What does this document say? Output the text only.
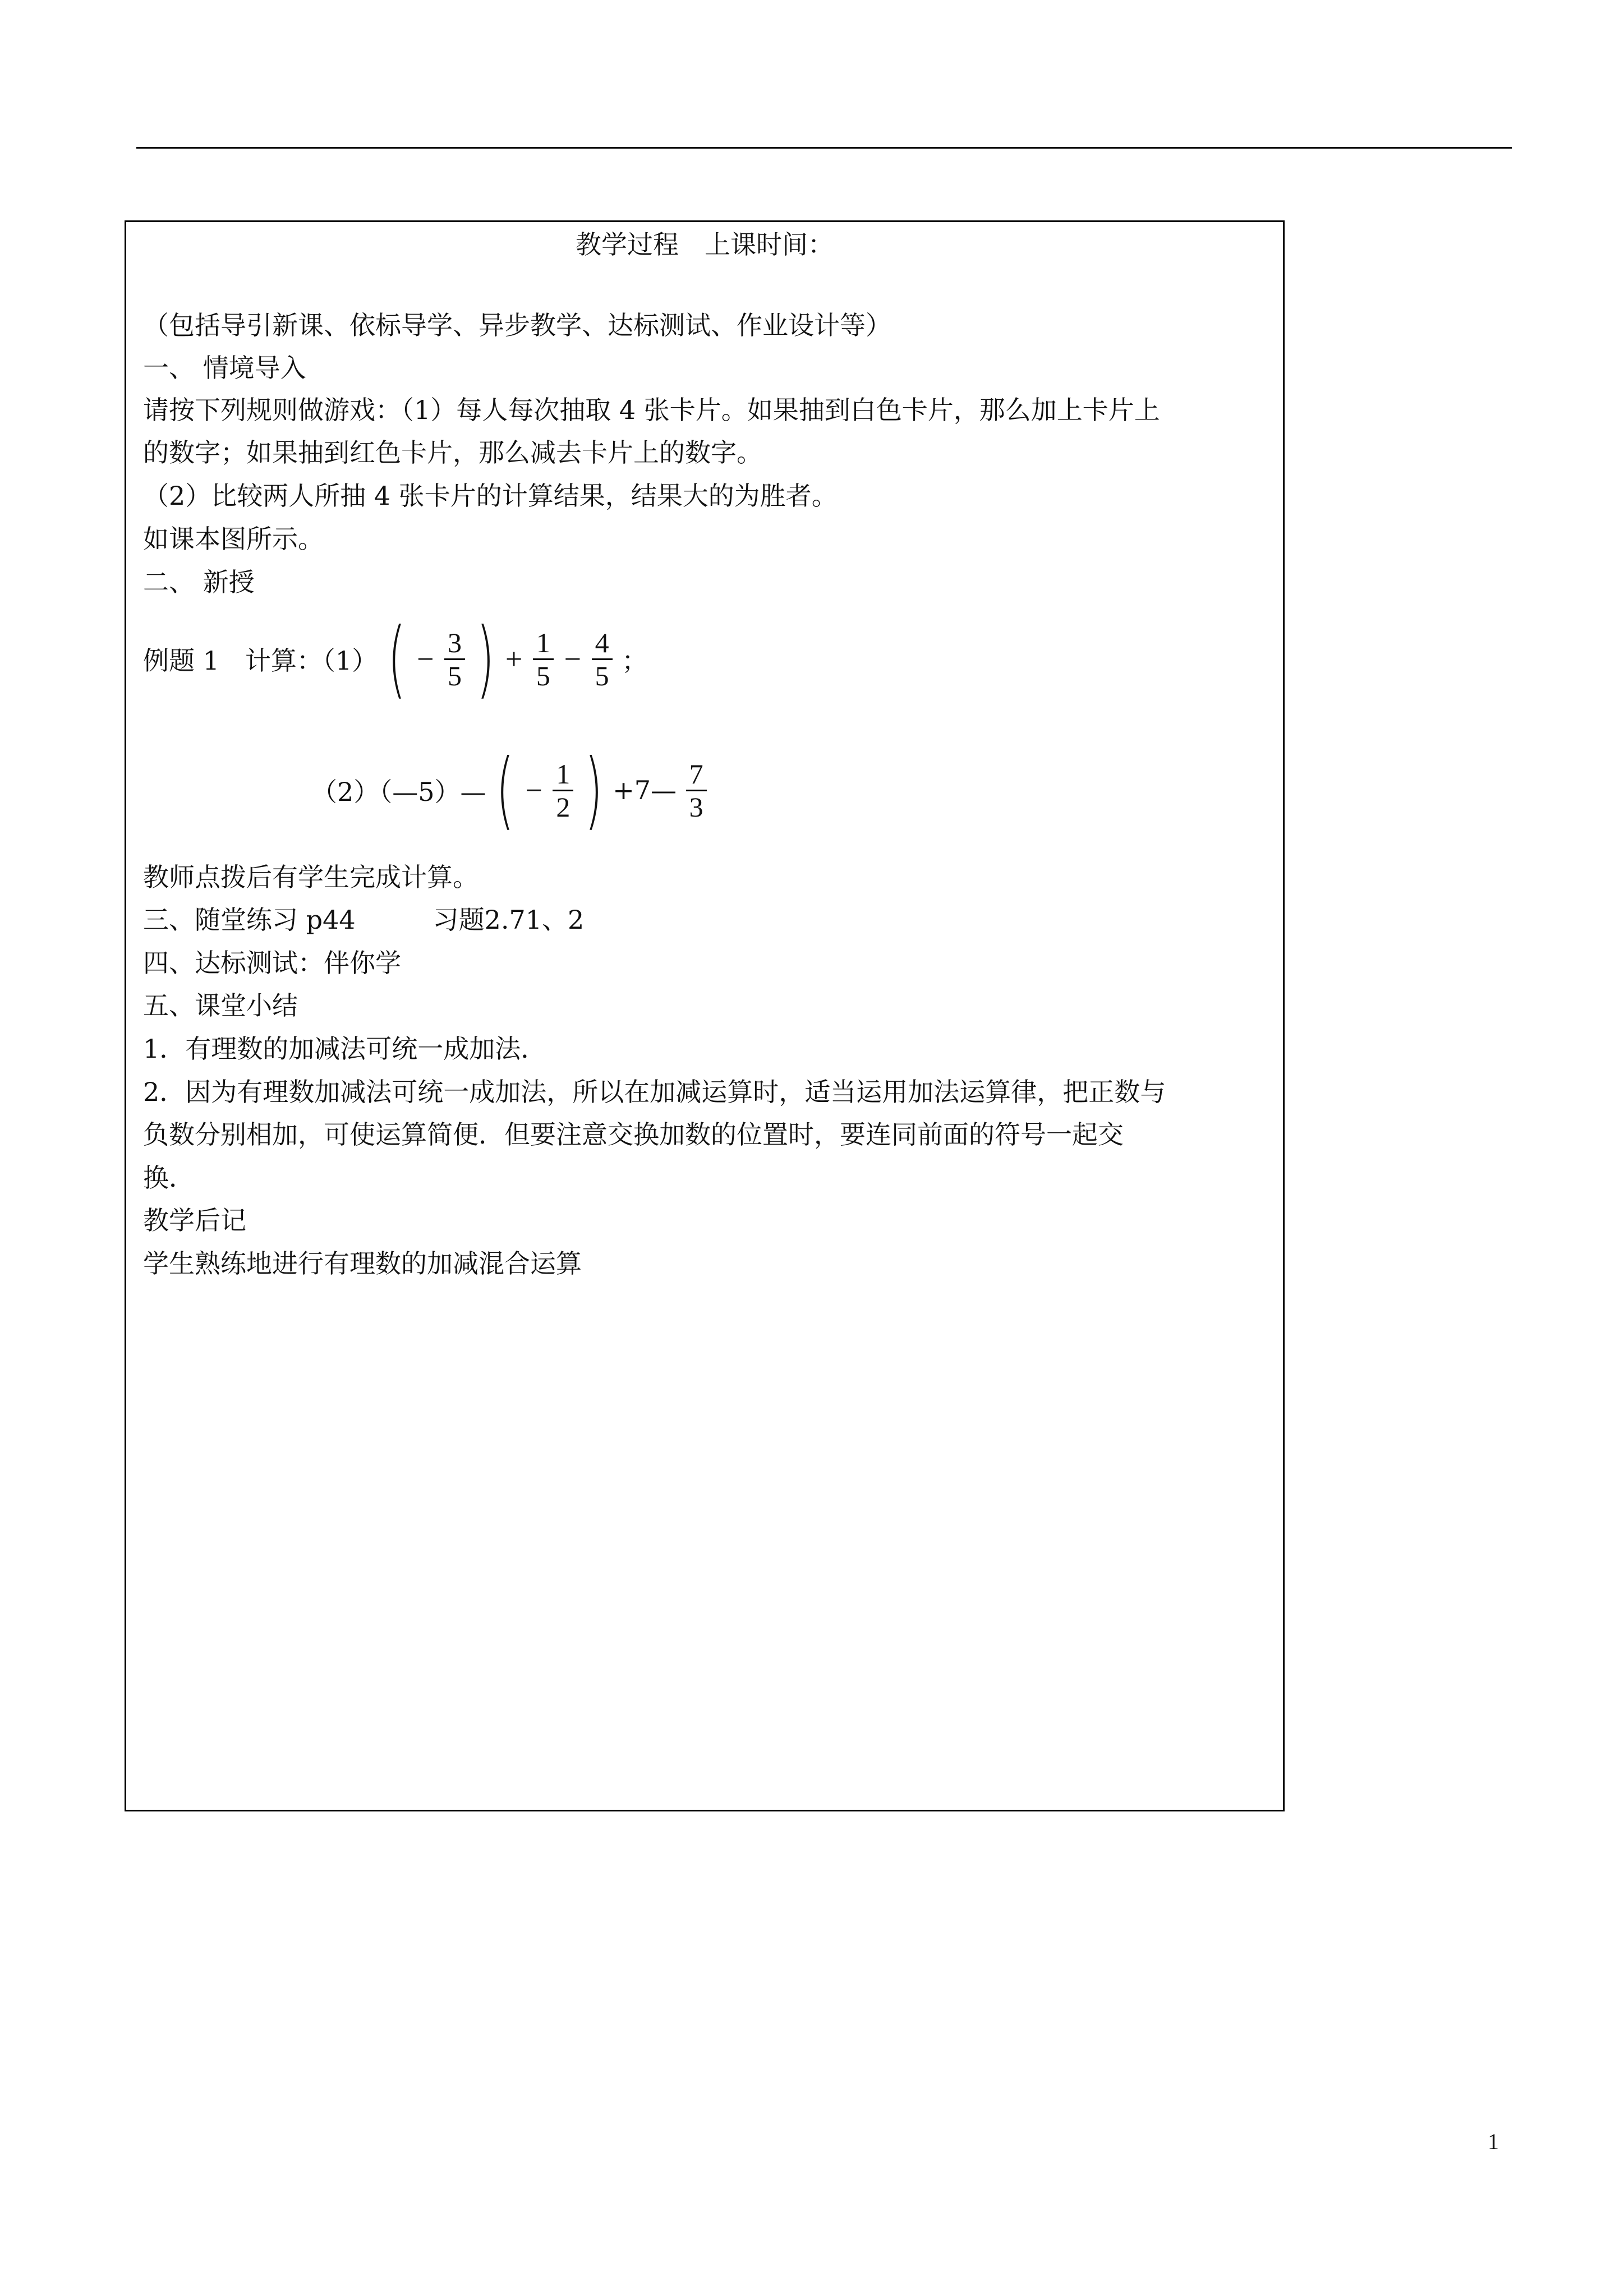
教学过程　上课时间：
（包括导引新课、依标导学、异步教学、达标测试、作业设计等）
一、 情境导入
请按下列规则做游戏：（1）每人每次抽取 4 张卡片。如果抽到白色卡片，那么加上卡片上
的数字；如果抽到红色卡片，那么减去卡片上的数字。
（2）比较两人所抽 4 张卡片的计算结果，结果大的为胜者。
如课本图所示。
二、 新授
例题 1　计算：（1） ( − $\frac{3}{5}$ ) + $\frac{1}{5} - \frac{4}{5}$ ；
（2）（—5）— ( − $\frac{1}{2}$ ) +7— $\frac{7}{3}$
教师点拨后有学生完成计算。
三、随堂练习 p44　　　习题2.71、2
四、达标测试：伴你学
五、课堂小结
1．有理数的加减法可统一成加法．
2．因为有理数加减法可统一成加法，所以在加减运算时，适当运用加法运算律，把正数与
负数分别相加，可使运算简便．但要注意交换加数的位置时，要连同前面的符号一起交
换．
教学后记
学生熟练地进行有理数的加减混合运算
1
